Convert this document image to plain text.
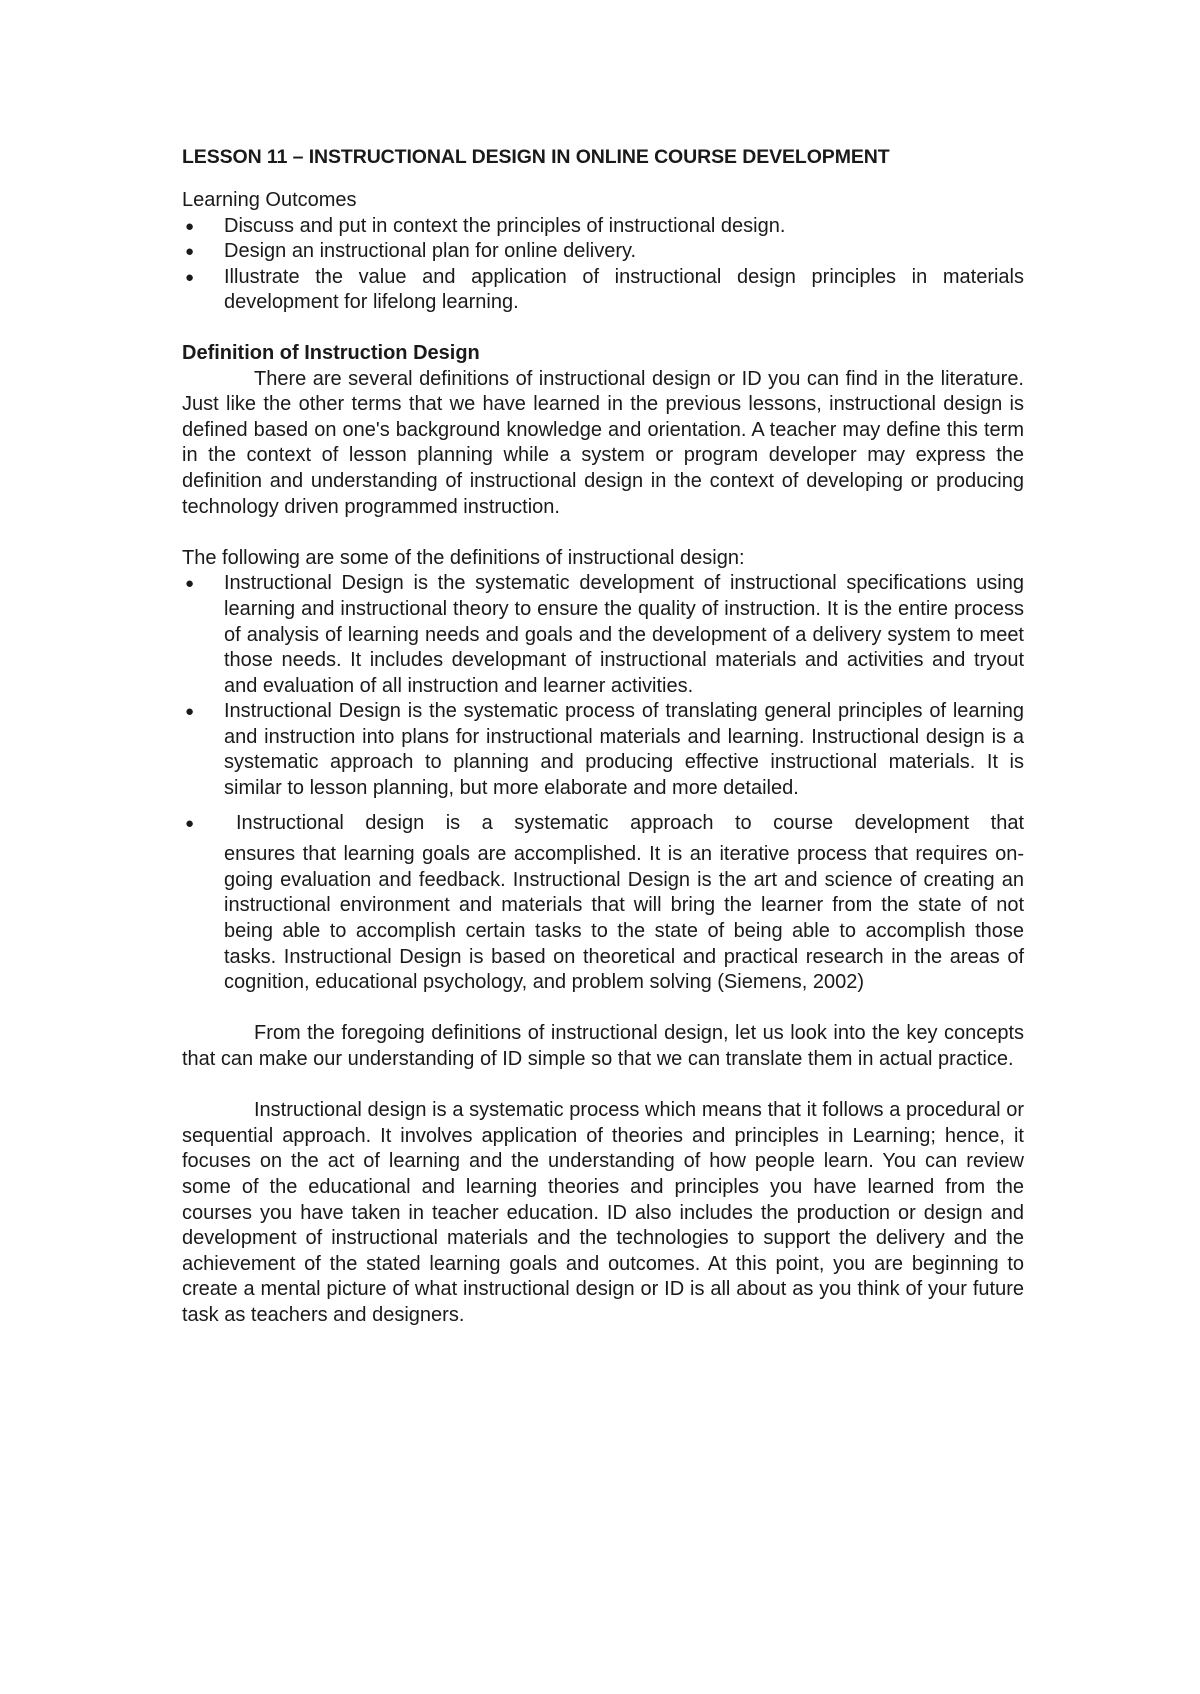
LESSON 11 – INSTRUCTIONAL DESIGN IN ONLINE COURSE DEVELOPMENT
Learning Outcomes
● Discuss and put in context the principles of instructional design.
● Design an instructional plan for online delivery.
● Illustrate the value and application of instructional design principles in materials development for lifelong learning.
Definition of Instruction Design

There are several definitions of instructional design or ID you can find in the literature. Just like the other terms that we have learned in the previous lessons, instructional design is defined based on one's background knowledge and orientation. A teacher may define this term in the context of lesson planning while a system or program developer may express the definition and understanding of instructional design in the context of developing or producing technology driven programmed instruction.

The following are some of the definitions of instructional design:

● Instructional Design is the systematic development of instructional specifications using learning and instructional theory to ensure the quality of instruction. It is the entire process of analysis of learning needs and goals and the development of a delivery system to meet those needs. It includes developmant of instructional materials and activities and tryout and evaluation of all instruction and learner activities.
● Instructional Design is the systematic process of translating general principles of learning and instruction into plans for instructional materials and learning. Instructional design is a systematic approach to planning and producing effective instructional materials. It is similar to lesson planning, but more elaborate and more detailed.
●	Instructional design is a systematic approach to course development that
ensures that learning goals are accomplished. It is an iterative process that requires on-going evaluation and feedback. Instructional Design is the art and science of creating an instructional environment and materials that will bring the learner from the state of not being able to accomplish certain tasks to the state of being able to accomplish those tasks. Instructional Design is based on theoretical and practical research in the areas of cognition, educational psychology, and problem solving (Siemens, 2002)

From the foregoing definitions of instructional design, let us look into the key concepts that can make our understanding of ID simple so that we can translate them in actual practice.

Instructional design is a systematic process which means that it follows a procedural or sequential approach. It involves application of theories and principles in Learning; hence, it focuses on the act of learning and the understanding of how people learn. You can review some of the educational and learning theories and principles you have learned from the courses you have taken in teacher education. ID also includes the production or design and development of instructional materials and the technologies to support the delivery and the achievement of the stated learning goals and outcomes. At this point, you are beginning to create a mental picture of what instructional design or ID is all about as you think of your future task as teachers and designers.
